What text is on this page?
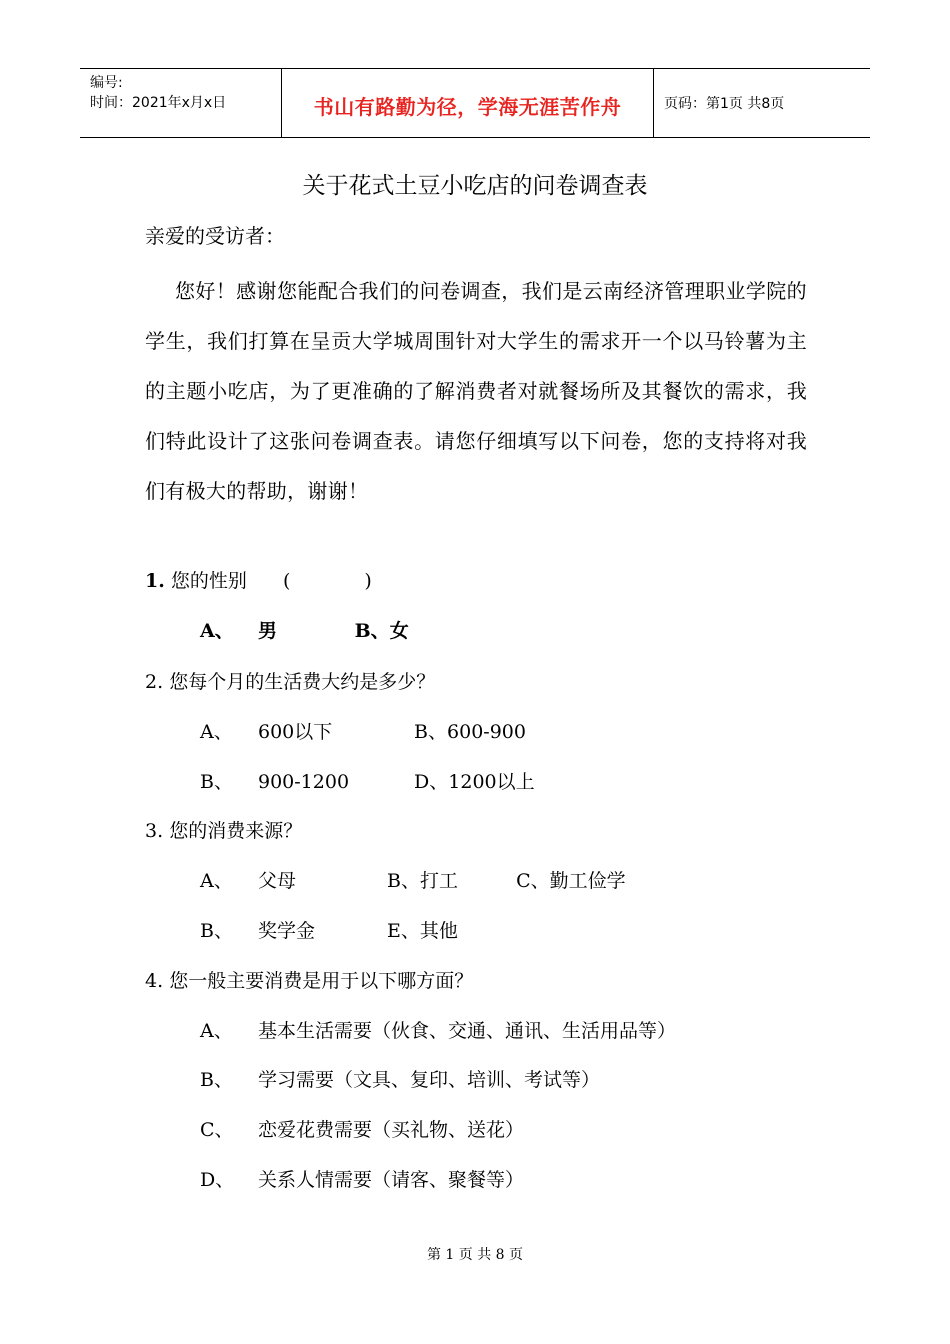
编号:
时间：2021年x月x日	书山有路勤为径，学海无涯苦作舟	页码：第1页 共8页
关于花式土豆小吃店的问卷调查表
亲爱的受访者：

您好！感谢您能配合我们的问卷调查，我们是云南经济管理职业学院的学生，我们打算在呈贡大学城周围针对大学生的需求开一个以马铃薯为主的主题小吃店，为了更准确的了解消费者对就餐场所及其餐饮的需求，我们特此设计了这张问卷调查表。请您仔细填写以下问卷，您的支持将对我们有极大的帮助，谢谢！

1. 您的性别 (	)
A、 男	B、女
2. 您每个月的生活费大约是多少？
A、 600以下	B、600-900
B、 900-1200	D、1200以上
3. 您的消费来源？
A、 父母	B、打工	C、勤工俭学
B、 奖学金	E、其他
4. 您一般主要消费是用于以下哪方面？
A、 基本生活需要（伙食、交通、通讯、生活用品等）
B、 学习需要（文具、复印、培训、考试等）
C、 恋爱花费需要（买礼物、送花）
D、 关系人情需要（请客、聚餐等）
第 1 页 共 8 页
